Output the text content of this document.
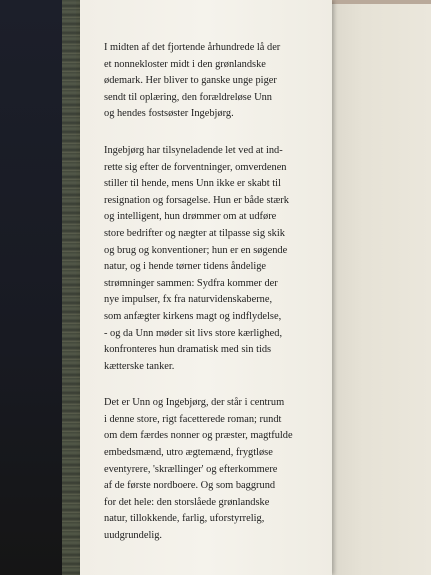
I midten af det fjortende århundrede lå der
et nonnekloster midt i den grønlandske
ødemark. Her bliver to ganske unge piger
sendt til oplæring, den forældreløse Unn
og hendes fostsøster Ingebjørg.

Ingebjørg har tilsyneladende let ved at ind-
rette sig efter de forventninger, omverdenen
stiller til hende, mens Unn ikke er skabt til
resignation og forsagelse. Hun er både stærk
og intelligent, hun drømmer om at udføre
store bedrifter og nægter at tilpasse sig skik
og brug og konventioner; hun er en søgende
natur, og i hende tørner tidens åndelige
strømninger sammen: Sydfra kommer der
nye impulser, fx fra naturvidenskaberne,
som anfægter kirkens magt og indflydelse,
- og da Unn møder sit livs store kærlighed,
konfronteres hun dramatisk med sin tids
kætterske tanker.

Det er Unn og Ingebjørg, der står i centrum
i denne store, rigt facetterede roman; rundt
om dem færdes nonner og præster, magtfulde
embedsmænd, utro ægtemænd, frygtløse
eventyrere, 'skrællinger' og efterkommere
af de første nordboere. Og som baggrund
for det hele: den storslåede grønlandske
natur, tillokkende, farlig, uforstyrrelig,
uudgrundelig.
